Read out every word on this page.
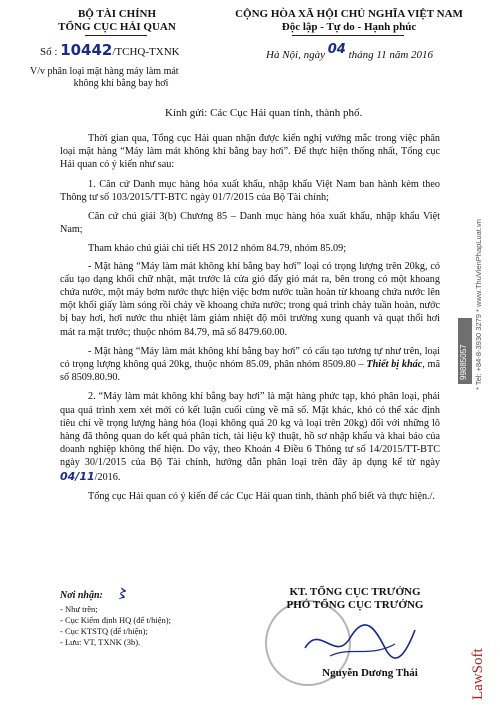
BỘ TÀI CHÍNH
TỔNG CỤC HẢI QUAN
Số : 10442/TCHQ-TXNK
V/v phân loại mặt hàng máy làm mát
không khí bằng bay hơi
CỘNG HÒA XÃ HỘI CHỦ NGHĨA VIỆT NAM
Độc lập - Tự do - Hạnh phúc
Hà Nội, ngày 04 tháng 11 năm 2016
Kính gửi: Các Cục Hải quan tỉnh, thành phố.

Thời gian qua, Tổng cục Hải quan nhận được kiến nghị vướng mắc trong việc phân loại mặt hàng “Máy làm mát không khí bằng bay hơi”. Để thực hiện thống nhất, Tổng cục Hải quan có ý kiến như sau:

1. Căn cứ Danh mục hàng hóa xuất khẩu, nhập khẩu Việt Nam ban hành kèm theo Thông tư số 103/2015/TT-BTC ngày 01/7/2015 của Bộ Tài chính;

Căn cứ chú giải 3(b) Chương 85 – Danh mục hàng hóa xuất khẩu, nhập khẩu Việt Nam;

Tham khảo chú giải chi tiết HS 2012 nhóm 84.79, nhóm 85.09;

- Mặt hàng “Máy làm mát không khí bằng bay hơi” loại có trọng lượng trên 20kg, có cấu tạo dạng khối chữ nhật, mặt trước là cửa gió đẩy gió mát ra, bên trong có một khoang chứa nước, một máy bơm nước thực hiện việc bơm nước tuần hoàn từ khoang chứa nước lên một khối giấy làm sóng rồi chảy về khoang chứa nước; trong quá trình chảy tuần hoàn, nước bị bay hơi, hơi nước thu nhiệt làm giảm nhiệt độ môi trường xung quanh và quạt thổi hơi mát ra mặt trước; thuộc nhóm 84.79, mã số 8479.60.00.

- Mặt hàng “Máy làm mát không khí bằng bay hơi” có cấu tạo tương tự như trên, loại có trọng lượng không quá 20kg, thuộc nhóm 85.09, phân nhóm 8509.80 – Thiết bị khác, mã số 8509.80.90.

2. “Máy làm mát không khí bằng bay hơi” là mặt hàng phức tạp, khó phân loại, phải qua quá trình xem xét mới có kết luận cuối cùng về mã số. Mặt khác, khó có thể xác định tiêu chí về trọng lượng hàng hóa (loại không quá 20 kg và loại trên 20kg) đối với những lô hàng đã thông quan do kết quả phân tích, tài liệu kỹ thuật, hồ sơ nhập khẩu và khai báo của doanh nghiệp không thể hiện. Do vậy, theo Khoản 4 Điều 6 Thông tư số 14/2015/TT-BTC ngày 30/1/2015 của Bộ Tài chính, hướng dẫn phân loại trên đây áp dụng kể từ ngày 04/11/2016.

Tổng cục Hải quan có ý kiến để các Cục Hải quan tỉnh, thành phố biết và thực hiện./.

Nơi nhận: 〻
- Như trên;
- Cục Kiểm định HQ (để t/hiện);
- Cục KTSTQ (để t/hiện);
- Lưu: VT, TXNK (3b).
KT. TỔNG CỤC TRƯỞNG
PHÓ TỔNG CỤC TRƯỞNG
Nguyễn Dương Thái	LawSoft
* Tel: +84-8-3930 3279 * www.ThuVienPhapLuat.vn
99885057
